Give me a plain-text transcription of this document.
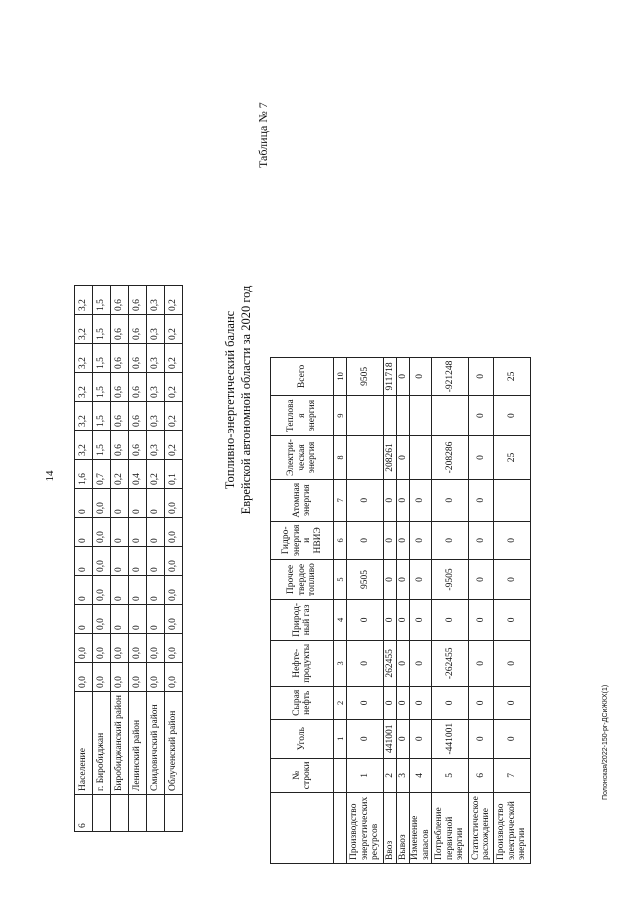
14
6	Население	0,0	0,0	0	0	0	0	0	1,6	3,2	3,2	3,2	3,2	3,2	3,2
	г. Биробиджан	0,0	0,0	0,0	0,0	0,0	0,0	0,0	0,7	1,5	1,5	1,5	1,5	1,5	1,5
	Биробиджанский район	0,0	0,0	0	0	0	0	0	0,2	0,6	0,6	0,6	0,6	0,6	0,6
	Ленинский район	0,0	0,0	0	0	0	0	0	0,4	0,6	0,6	0,6	0,6	0,6	0,6
	Смидовичский район	0,0	0,0	0	0	0	0	0	0,2	0,3	0,3	0,3	0,3	0,3	0,3
	Облученский район	0,0	0,0	0,0	0,0	0,0	0,0	0,0	0,1	0,2	0,2	0,2	0,2	0,2	0,2
Топливно-энергетический баланс Еврейской автономной области за 2020 год
Таблица № 7
	№ строки	Уголь	Сырая нефть	Нефте-продукты	Природ-ный газ	Прочее твердое топливо	Гидро-энергия и НВИЭ	Атомная энергия	Электри-ческая энергия	Теплова я энергия	Всего
		1	2	3	4	5	6	7	8	9	10
Производство энергетических ресурсов	1	0	0	0	0	9505	0	0			9505
Ввоз	2	441001	0	262455	0	0	0	0	208261		911718
Вывоз	3	0	0	0	0	0	0	0	0		0
Изменение запасов	4	0	0	0	0	0	0	0			0
Потребление первичной энергии	5	-441001	0	-262455	0	-9505	0	0	-208286		-921248
Статистическое расхождение	6	0	0	0	0	0	0	0	0	0	0
Производство электрической энергии	7	0	0	0	0	0	0		25	0	25
Полонская/2022-150-рг-ДСиЖКХ(1)
